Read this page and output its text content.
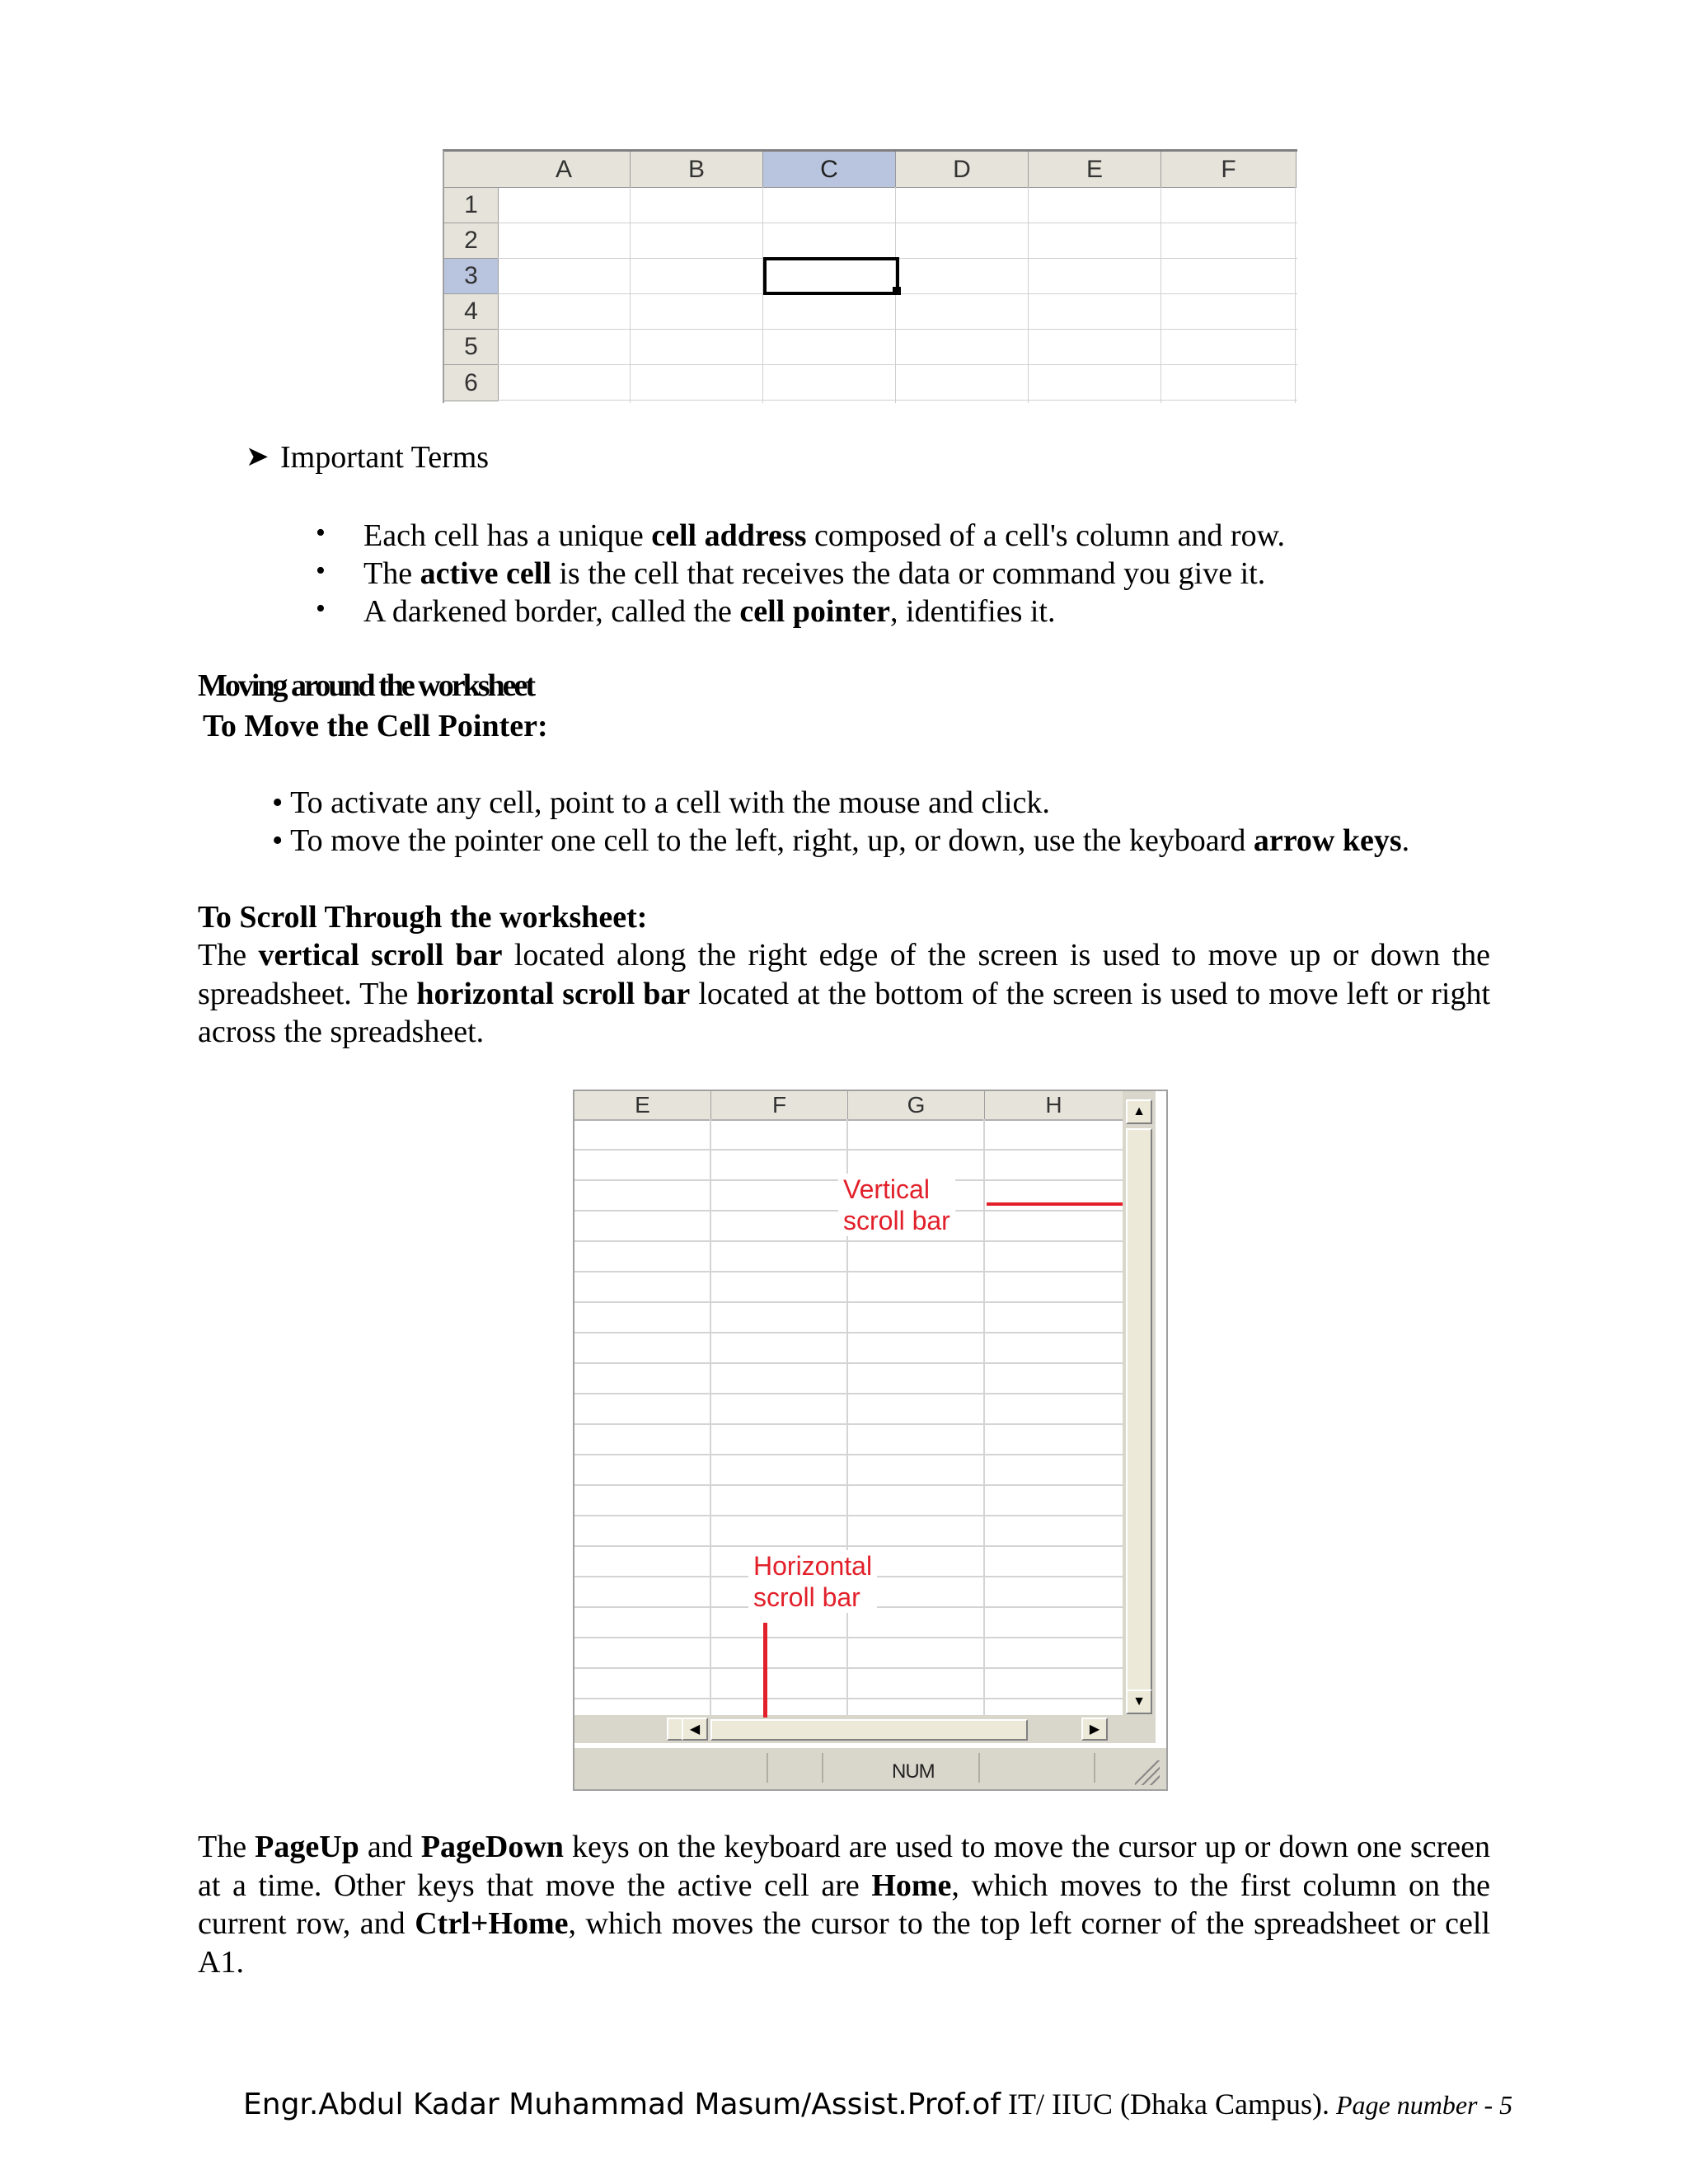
A	B	C	D	E	F
1
2
3
4
5
6
➤ Important Terms
• Each cell has a unique cell address composed of a cell's column and row.
• The active cell is the cell that receives the data or command you give it.
• A darkened border, called the cell pointer, identifies it.
Moving around the worksheet
To Move the Cell Pointer:
• To activate any cell, point to a cell with the mouse and click.
• To move the pointer one cell to the left, right, up, or down, use the keyboard arrow keys.
To Scroll Through the worksheet:
The vertical scroll bar located along the right edge of the screen is used to move up or down the spreadsheet. The horizontal scroll bar located at the bottom of the screen is used to move left or right across the spreadsheet.
E	F	G	H	▲
▼
◀	▶
NUM
Vertical
scroll bar
Horizontal
scroll bar
The PageUp and PageDown keys on the keyboard are used to move the cursor up or down one screen at a time. Other keys that move the active cell are Home, which moves to the first column on the current row, and Ctrl+Home, which moves the cursor to the top left corner of the spreadsheet or cell A1.
Engr.Abdul Kadar Muhammad Masum/Assist.Prof.of IT/ IIUC (Dhaka Campus). Page number - 5
